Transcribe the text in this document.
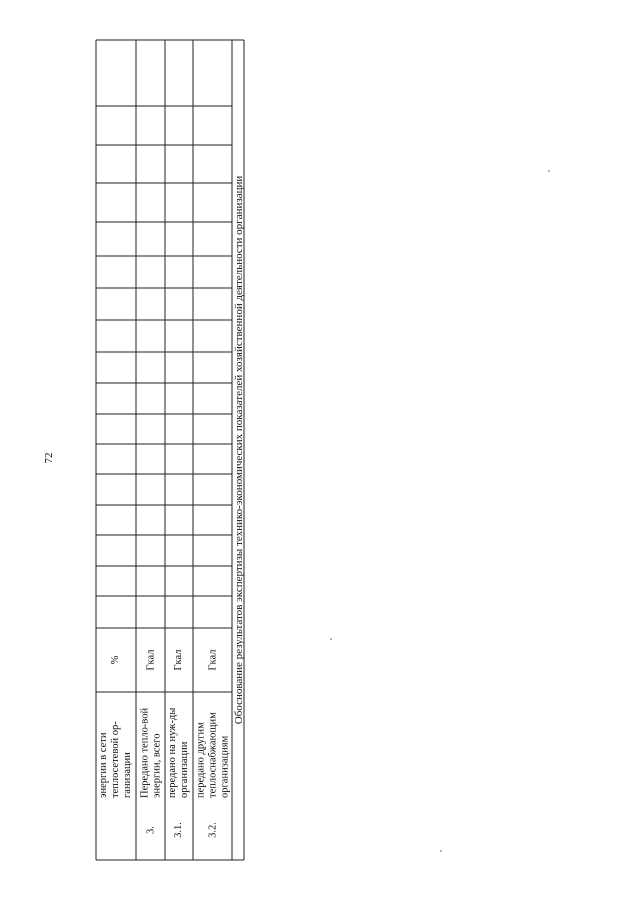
72
энергии в сети теплосетевой ор-ганизации
%
3.
Передано тепло-вой энергии, всего
Гкал
3.1.
передано на нуж-ды организации
Гкал
3.2.
передано другим теплоснабжающим организациям
Гкал	Обоснование результатов экспертизы технико-экономических показателей хозяйственной деятельности организации
